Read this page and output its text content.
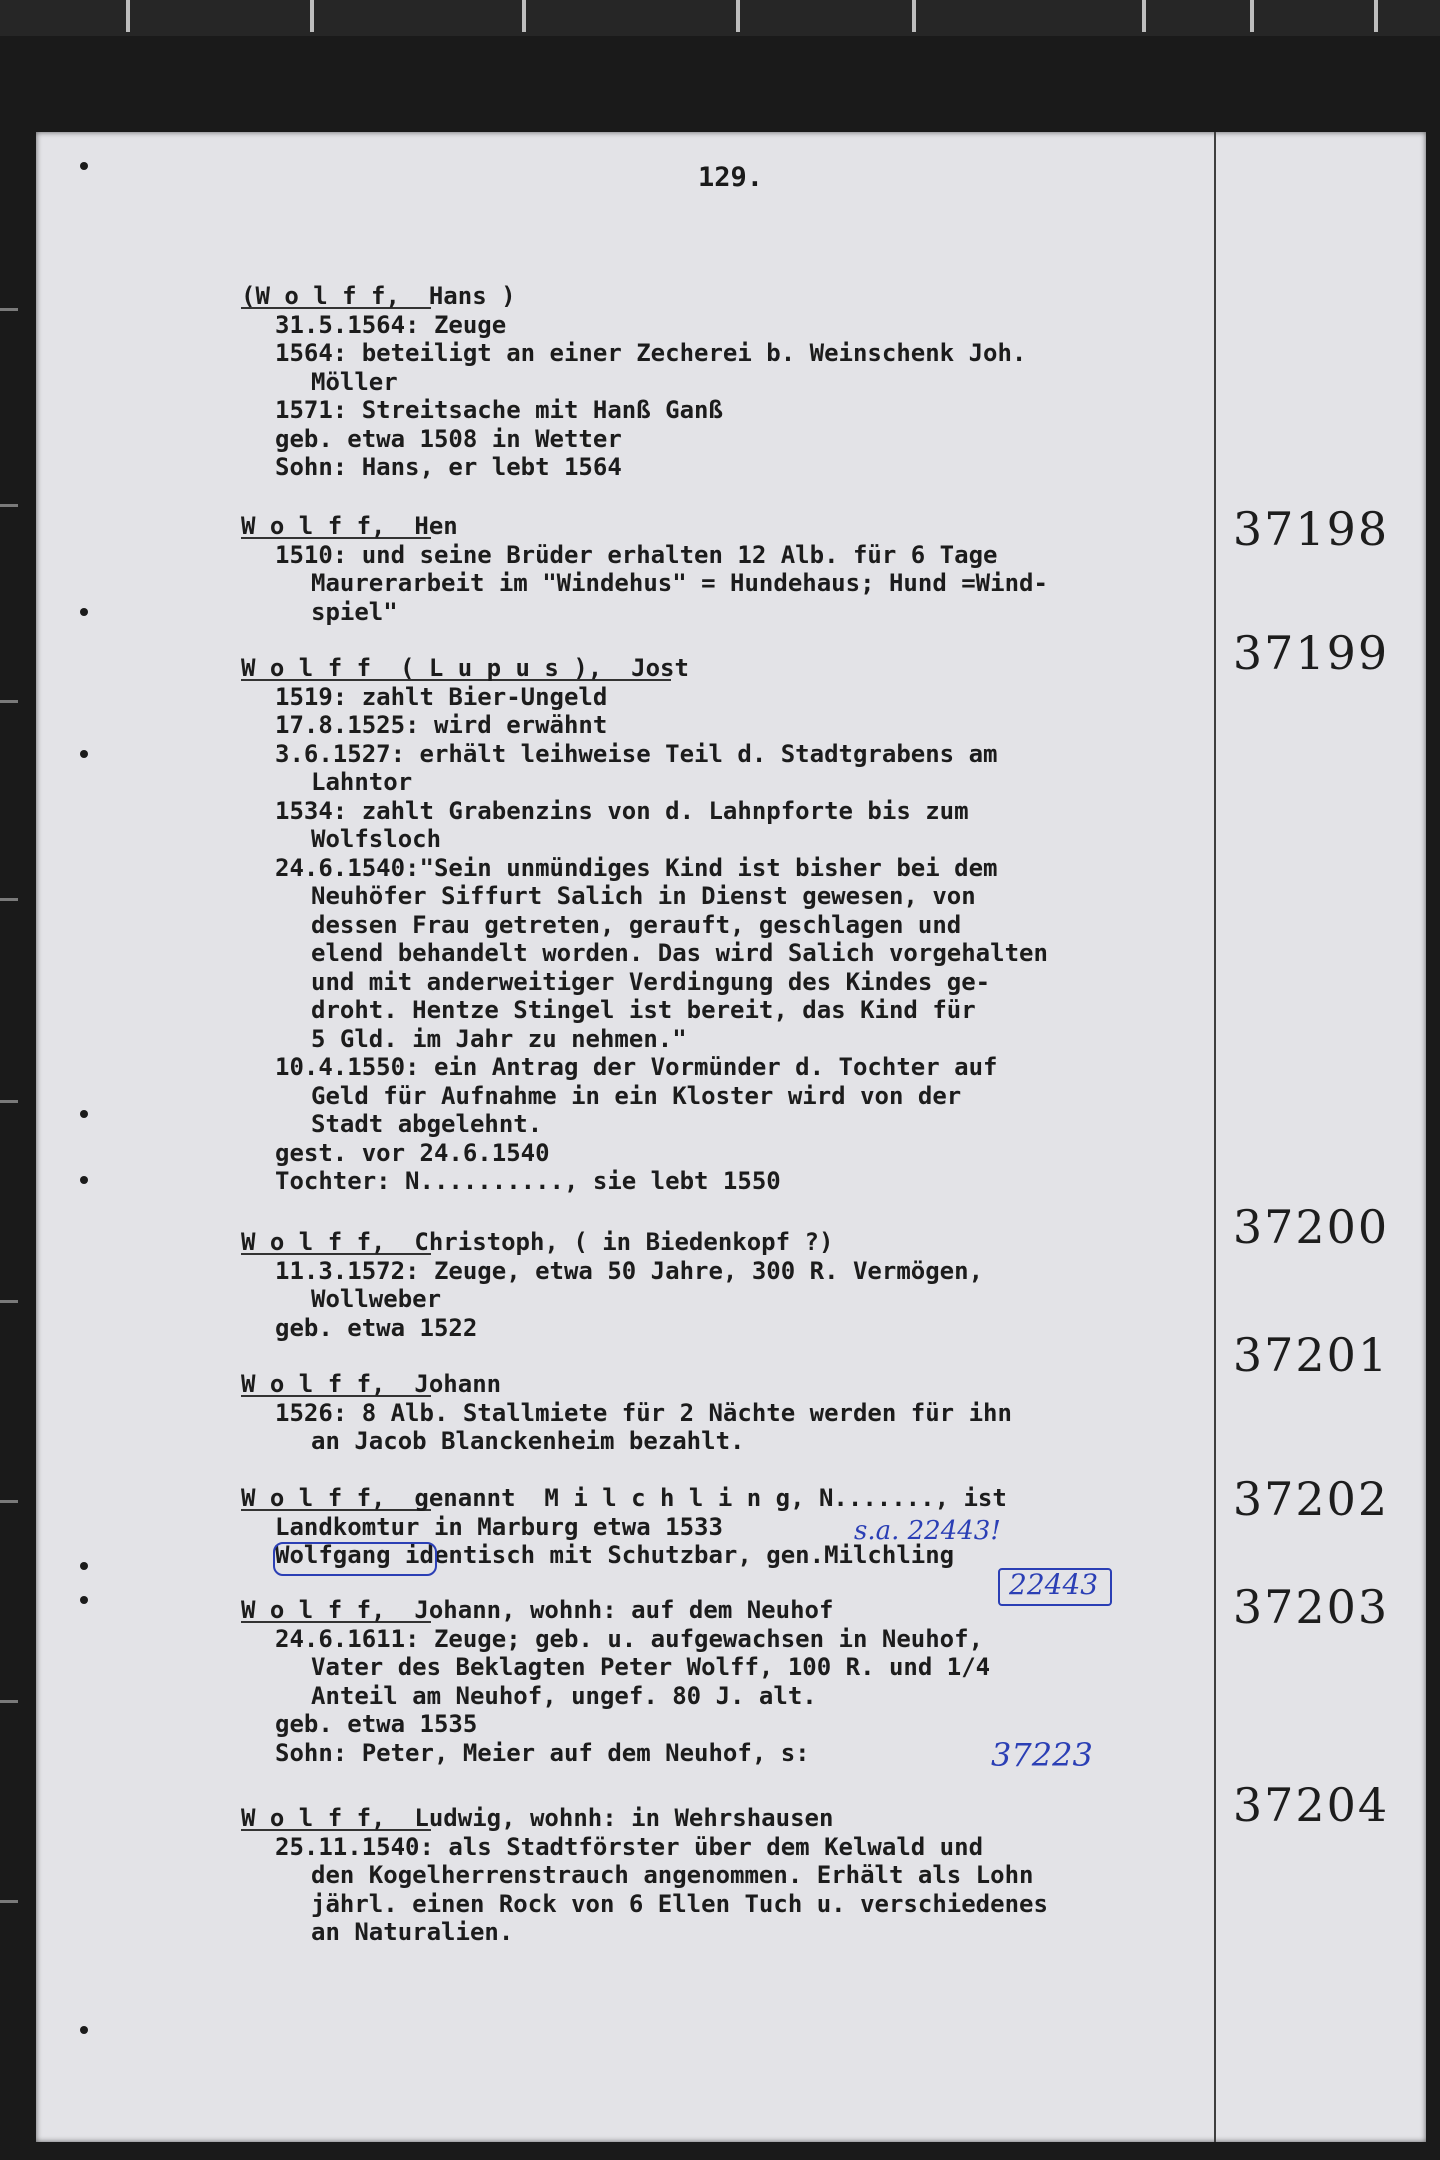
129.
(W o l f f,  Hans )
31.5.1564: Zeuge
1564: beteiligt an einer Zecherei b. Weinschenk Joh.
Möller
1571: Streitsache mit Hanß Ganß
geb. etwa 1508 in Wetter
Sohn: Hans, er lebt 1564
37198
W o l f f,  Hen
1510: und seine Brüder erhalten 12 Alb. für 6 Tage
Maurerarbeit im "Windehus" = Hundehaus; Hund =Wind-
spiel"
37199
W o l f f  ( L u p u s ),  Jost
1519: zahlt Bier-Ungeld
17.8.1525: wird erwähnt
3.6.1527: erhält leihweise Teil d. Stadtgrabens am
Lahntor
1534: zahlt Grabenzins von d. Lahnpforte bis zum
Wolfsloch
24.6.1540:"Sein unmündiges Kind ist bisher bei dem
Neuhöfer Siffurt Salich in Dienst gewesen, von
dessen Frau getreten, gerauft, geschlagen und
elend behandelt worden. Das wird Salich vorgehalten
und mit anderweitiger Verdingung des Kindes ge-
droht. Hentze Stingel ist bereit, das Kind für
5 Gld. im Jahr zu nehmen."
10.4.1550: ein Antrag der Vormünder d. Tochter auf
Geld für Aufnahme in ein Kloster wird von der
Stadt abgelehnt.
gest. vor 24.6.1540
Tochter: N.........., sie lebt 1550
37200
W o l f f,  Christoph, ( in Biedenkopf ?)
11.3.1572: Zeuge, etwa 50 Jahre, 300 R. Vermögen,
Wollweber
geb. etwa 1522
37201
W o l f f,  Johann
1526: 8 Alb. Stallmiete für 2 Nächte werden für ihn
an Jacob Blanckenheim bezahlt.
37202
W o l f f,  genannt  M i l c h l i n g, N......., ist
Landkomtur in Marburg etwa 1533
Wolfgang identisch mit Schutzbar, gen.Milchling
s.a. 22443!
22443	37203
W o l f f,  Johann, wohnh: auf dem Neuhof
24.6.1611: Zeuge; geb. u. aufgewachsen in Neuhof,
Vater des Beklagten Peter Wolff, 100 R. und 1/4
Anteil am Neuhof, ungef. 80 J. alt.
geb. etwa 1535
Sohn: Peter, Meier auf dem Neuhof, s:	37223
37204
W o l f f,  Ludwig, wohnh: in Wehrshausen
25.11.1540: als Stadtförster über dem Kelwald und
den Kogelherrenstrauch angenommen. Erhält als Lohn
jährl. einen Rock von 6 Ellen Tuch u. verschiedenes
an Naturalien.
